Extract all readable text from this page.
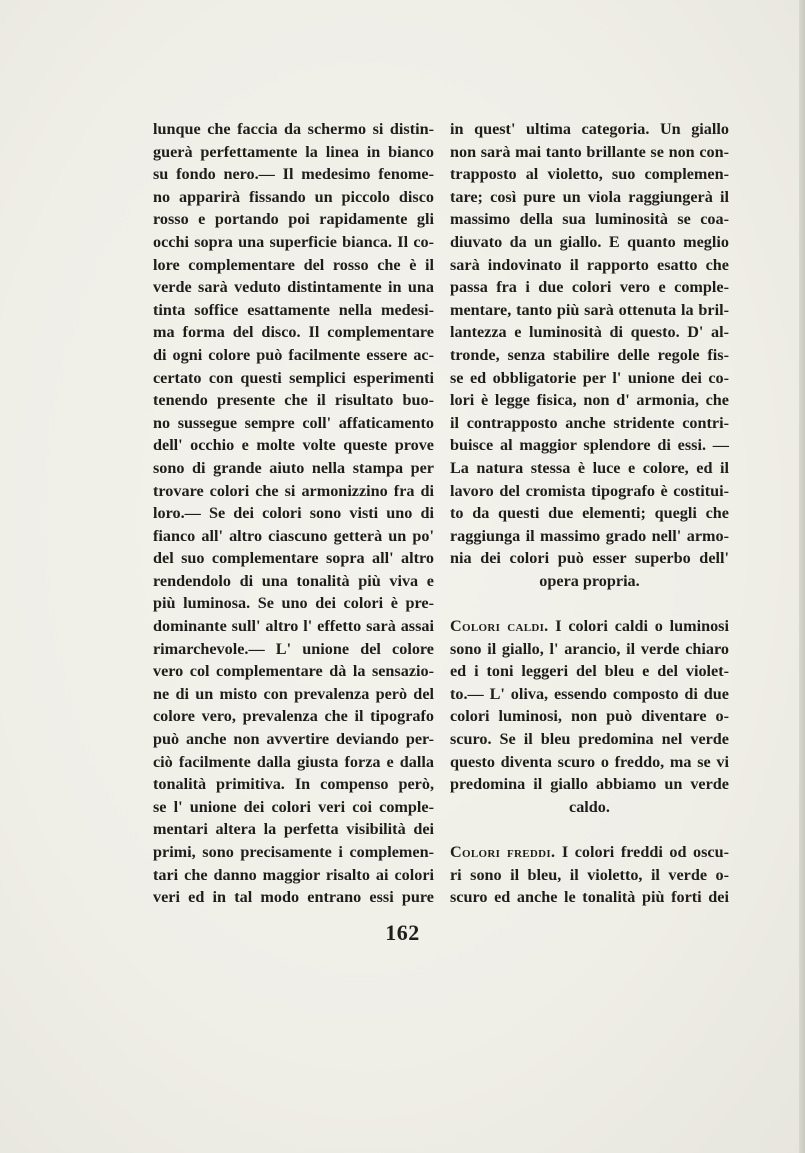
lunque che faccia da schermo si distin-
guerà perfettamente la linea in bianco
su fondo nero.— Il medesimo fenome-
no apparirà fissando un piccolo disco
rosso e portando poi rapidamente gli
occhi sopra una superficie bianca. Il co-
lore complementare del rosso che è il
verde sarà veduto distintamente in una
tinta soffice esattamente nella medesi-
ma forma del disco. Il complementare
di ogni colore può facilmente essere ac-
certato con questi semplici esperimenti
tenendo presente che il risultato buo-
no sussegue sempre coll' affaticamento
dell' occhio e molte volte queste prove
sono di grande aiuto nella stampa per
trovare colori che si armonizzino fra di
loro.— Se dei colori sono visti uno di
fianco all' altro ciascuno getterà un po'
del suo complementare sopra all' altro
rendendolo di una tonalità più viva e
più luminosa. Se uno dei colori è pre-
dominante sull' altro l' effetto sarà assai
rimarchevole.— L' unione del colore
vero col complementare dà la sensazio-
ne di un misto con prevalenza però del
colore vero, prevalenza che il tipografo
può anche non avvertire deviando per-
ciò facilmente dalla giusta forza e dalla
tonalità primitiva. In compenso però,
se l' unione dei colori veri coi comple-
mentari altera la perfetta visibilità dei
primi, sono precisamente i complemen-
tari che danno maggior risalto ai colori
veri ed in tal modo entrano essi pure
in quest' ultima categoria. Un giallo
non sarà mai tanto brillante se non con-
trapposto al violetto, suo complemen-
tare; così pure un viola raggiungerà il
massimo della sua luminosità se coa-
diuvato da un giallo. E quanto meglio
sarà indovinato il rapporto esatto che
passa fra i due colori vero e comple-
mentare, tanto più sarà ottenuta la bril-
lantezza e luminosità di questo. D' al-
tronde, senza stabilire delle regole fis-
se ed obbligatorie per l' unione dei co-
lori è legge fisica, non d' armonia, che
il contrapposto anche stridente contri-
buisce al maggior splendore di essi. —
La natura stessa è luce e colore, ed il
lavoro del cromista tipografo è costitui-
to da questi due elementi; quegli che
raggiunga il massimo grado nell' armo-
nia dei colori può esser superbo dell'
opera propria.
Colori caldi. I colori caldi o luminosi
sono il giallo, l' arancio, il verde chiaro
ed i toni leggeri del bleu e del violet-
to.— L' oliva, essendo composto di due
colori luminosi, non può diventare o-
scuro. Se il bleu predomina nel verde
questo diventa scuro o freddo, ma se vi
predomina il giallo abbiamo un verde
caldo.
Colori freddi. I colori freddi od oscu-
ri sono il bleu, il violetto, il verde o-
scuro ed anche le tonalità più forti dei
162
